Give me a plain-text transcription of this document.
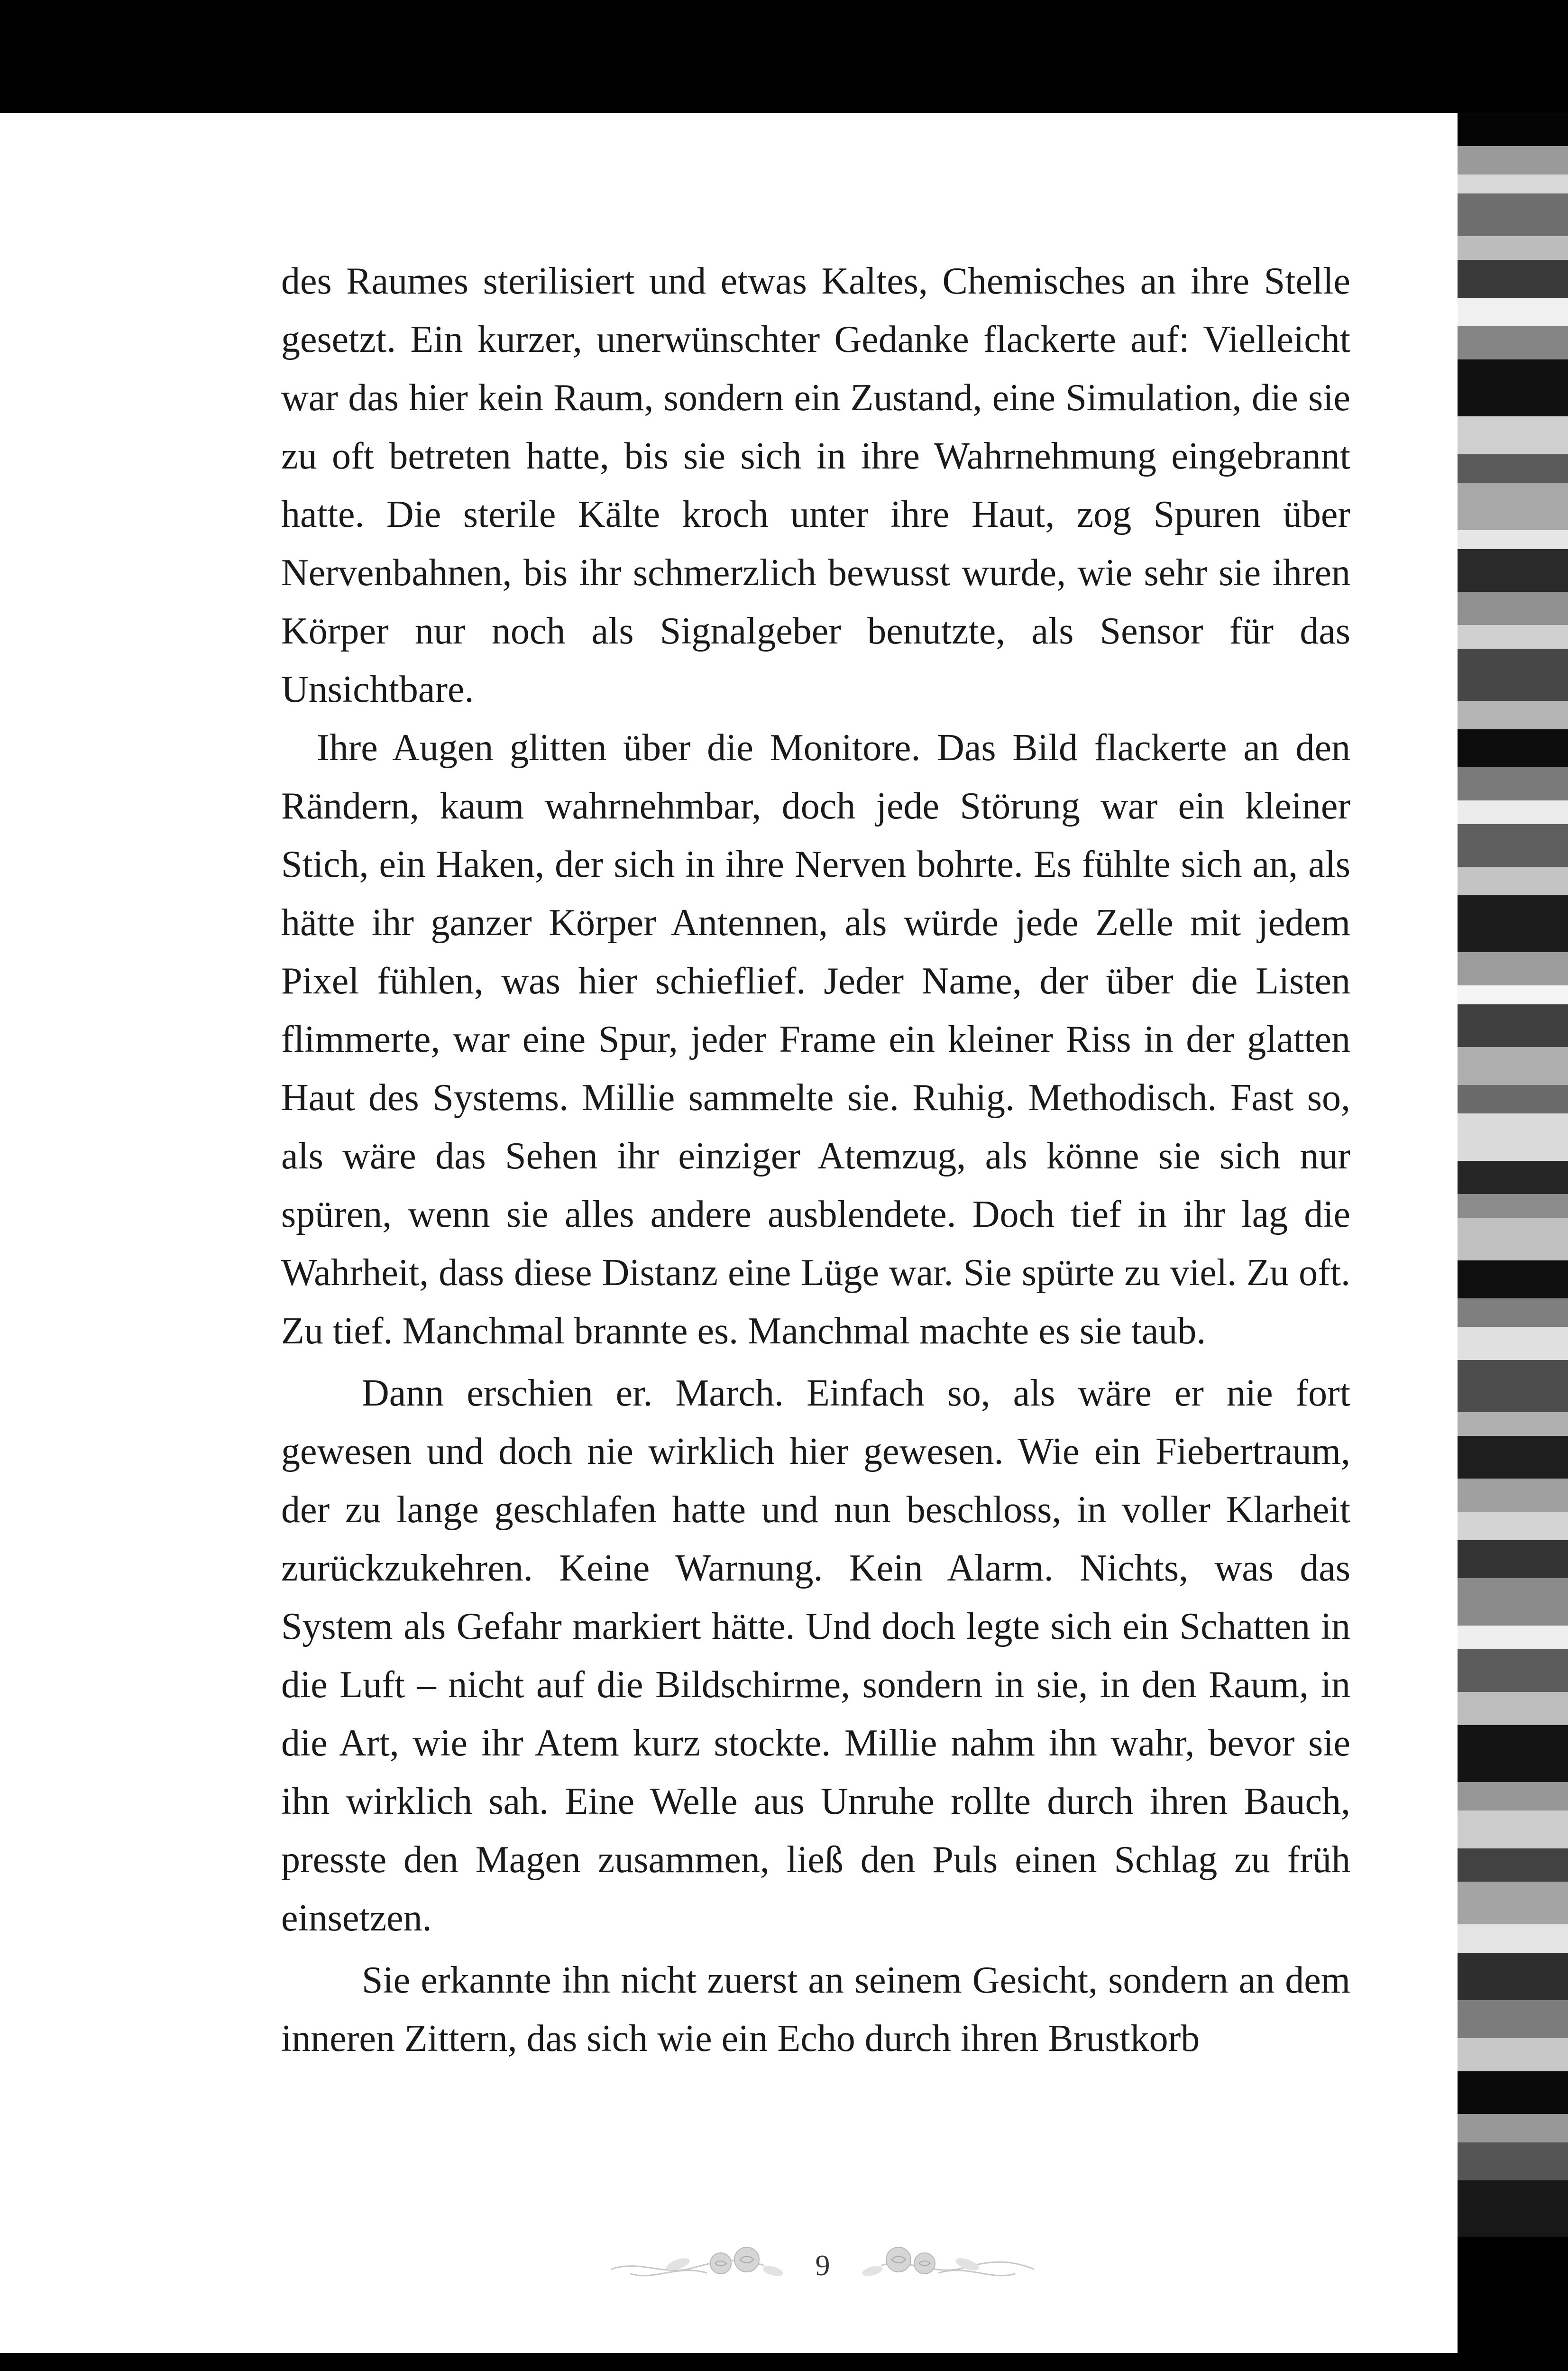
des Raumes sterilisiert und etwas Kaltes, Chemisches an ihre Stelle gesetzt. Ein kurzer, unerwünschter Gedanke flackerte auf: Vielleicht war das hier kein Raum, sondern ein Zustand, eine Simulation, die sie zu oft betreten hatte, bis sie sich in ihre Wahrnehmung eingebrannt hatte. Die sterile Kälte kroch unter ihre Haut, zog Spuren über Nervenbahnen, bis ihr schmerzlich bewusst wurde, wie sehr sie ihren Körper nur noch als Signalgeber benutzte, als Sensor für das Unsichtbare.

Ihre Augen glitten über die Monitore. Das Bild flackerte an den Rändern, kaum wahrnehmbar, doch jede Störung war ein kleiner Stich, ein Haken, der sich in ihre Nerven bohrte. Es fühlte sich an, als hätte ihr ganzer Körper Antennen, als würde jede Zelle mit jedem Pixel fühlen, was hier schieflief. Jeder Name, der über die Listen flimmerte, war eine Spur, jeder Frame ein kleiner Riss in der glatten Haut des Systems. Millie sammelte sie. Ruhig. Methodisch. Fast so, als wäre das Sehen ihr einziger Atemzug, als könne sie sich nur spüren, wenn sie alles andere ausblendete. Doch tief in ihr lag die Wahrheit, dass diese Distanz eine Lüge war. Sie spürte zu viel. Zu oft. Zu tief. Manchmal brannte es. Manchmal machte es sie taub.

Dann erschien er. March. Einfach so, als wäre er nie fort gewesen und doch nie wirklich hier gewesen. Wie ein Fiebertraum, der zu lange geschlafen hatte und nun beschloss, in voller Klarheit zurückzukehren. Keine Warnung. Kein Alarm. Nichts, was das System als Gefahr markiert hätte. Und doch legte sich ein Schatten in die Luft – nicht auf die Bildschirme, sondern in sie, in den Raum, in die Art, wie ihr Atem kurz stockte. Millie nahm ihn wahr, bevor sie ihn wirklich sah. Eine Welle aus Unruhe rollte durch ihren Bauch, presste den Magen zusammen, ließ den Puls einen Schlag zu früh einsetzen.

Sie erkannte ihn nicht zuerst an seinem Gesicht, sondern an dem inneren Zittern, das sich wie ein Echo durch ihren Brustkorb

9
